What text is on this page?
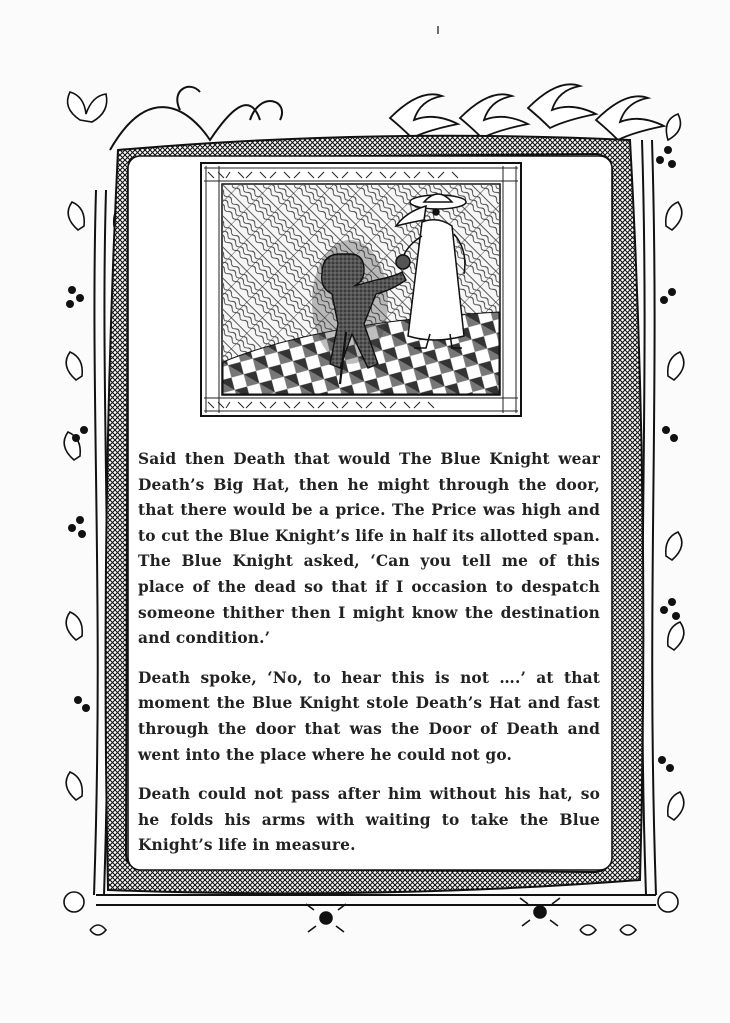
~

Said then Death that would The Blue Knight wear Death’s Big Hat, then he might through the door, that there would be a price. The Price was high and to cut the Blue Knight’s life in half its allotted span. The Blue Knight asked, ‘Can you tell me of this place of the dead so that if I occasion to despatch someone thither then I might know the destination and condition.’

Death spoke, ‘No, to hear this is not ….’ at that moment the Blue Knight stole Death’s Hat and fast through the door that was the Door of Death and went into the place where he could not go.

Death could not pass after him without his hat, so he folds his arms with waiting to take the Blue Knight’s life in measure.
